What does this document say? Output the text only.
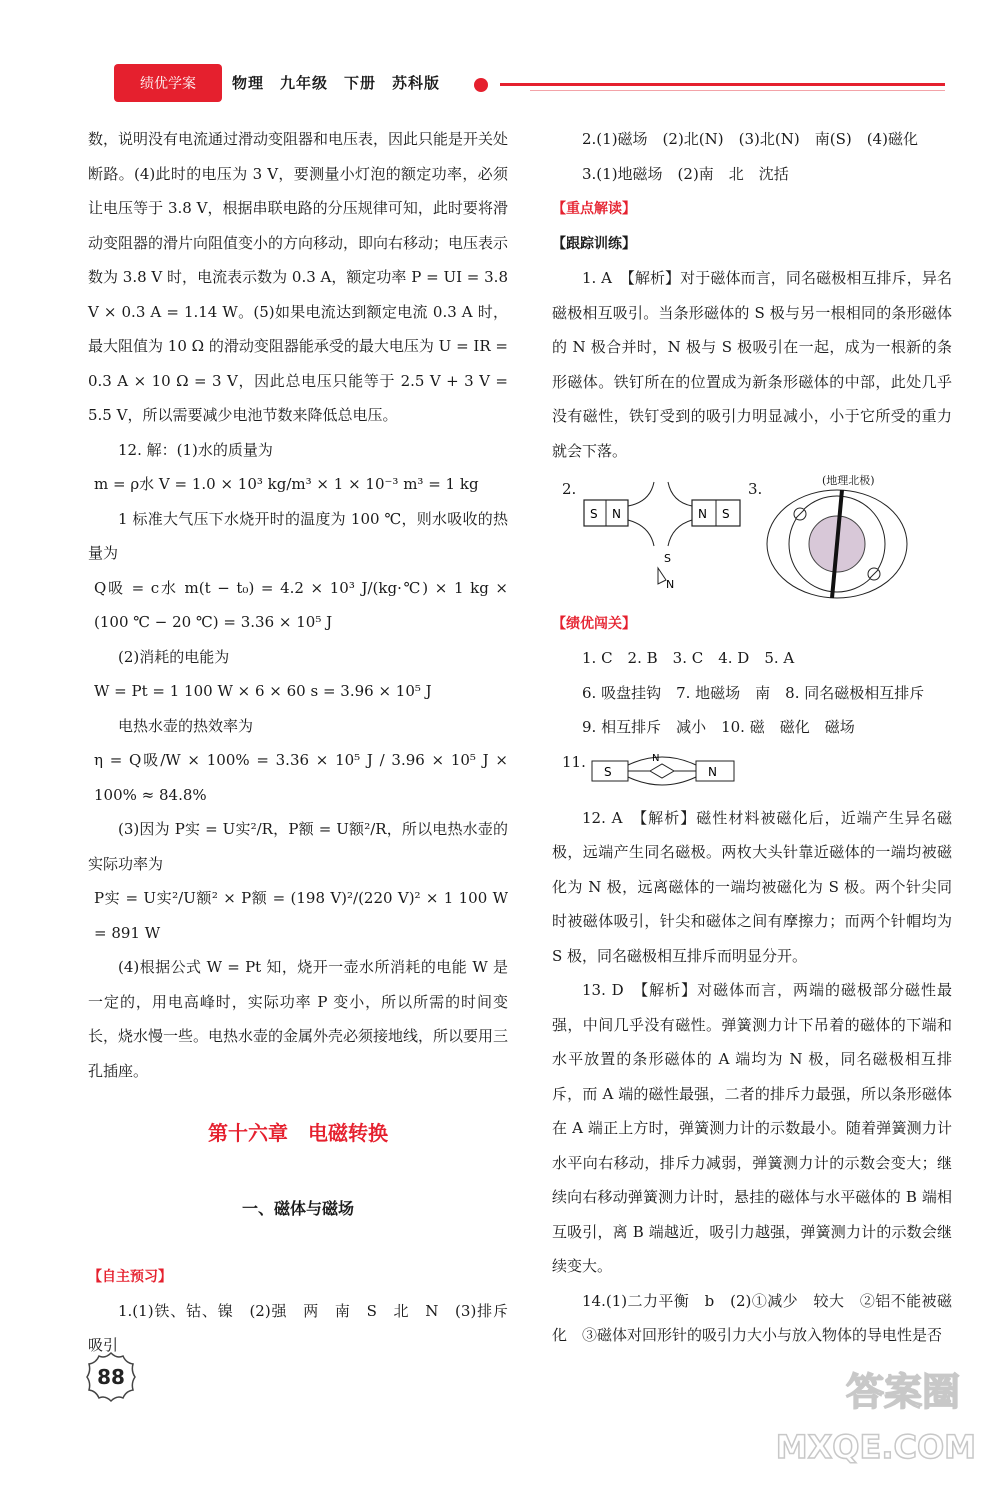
绩优学案	物理　九年级　下册　苏科版

数，说明没有电流通过滑动变阻器和电压表，因此只能是开关处断路。(4)此时的电压为 3 V，要测量小灯泡的额定功率，必须让电压等于 3.8 V，根据串联电路的分压规律可知，此时要将滑动变阻器的滑片向阻值变小的方向移动，即向右移动；电压表示数为 3.8 V 时，电流表示数为 0.3 A，额定功率 P = UI = 3.8 V × 0.3 A = 1.14 W。(5)如果电流达到额定电流 0.3 A 时，最大阻值为 10 Ω 的滑动变阻器能承受的最大电压为 U = IR = 0.3 A × 10 Ω = 3 V，因此总电压只能等于 2.5 V + 3 V = 5.5 V，所以需要减少电池节数来降低总电压。

12. 解：(1)水的质量为

m = ρ水 V = 1.0 × 10³ kg/m³ × 1 × 10⁻³ m³ = 1 kg

1 标准大气压下水烧开时的温度为 100 ℃，则水吸收的热量为

Q吸 = c水 m(t − t₀) = 4.2 × 10³ J/(kg·℃) × 1 kg × (100 ℃ − 20 ℃) = 3.36 × 10⁵ J

(2)消耗的电能为

W = Pt = 1 100 W × 6 × 60 s = 3.96 × 10⁵ J

电热水壶的热效率为

η = Q吸/W × 100% = 3.36 × 10⁵ J / 3.96 × 10⁵ J × 100% ≈ 84.8%

(3)因为 P实 = U实²/R，P额 = U额²/R，所以电热水壶的实际功率为

P实 = U实²/U额² × P额 = (198 V)²/(220 V)² × 1 100 W = 891 W

(4)根据公式 W = Pt 知，烧开一壶水所消耗的电能 W 是一定的，用电高峰时，实际功率 P 变小，所以所需的时间变长，烧水慢一些。电热水壶的金属外壳必须接地线，所以要用三孔插座。

第十六章　电磁转换
一、磁体与磁场
【自主预习】

1.(1)铁、钴、镍　(2)强　两　南　S　北　N　(3)排斥　吸引

2.(1)磁场　(2)北(N)　(3)北(N)　南(S)　(4)磁化

3.(1)地磁场　(2)南　北　沈括

【重点解读】
【跟踪训练】

1. A　【解析】对于磁体而言，同名磁极相互排斥，异名磁极相互吸引。当条形磁体的 S 极与另一根相同的条形磁体的 N 极合并时，N 极与 S 极吸引在一起，成为一根新的条形磁体。铁钉所在的位置成为新条形磁体的中部，此处几乎没有磁性，铁钉受到的吸引力明显减小，小于它所受的重力就会下落。

2.
S N	N S
S
N
3.	(地理北极)
【绩优闯关】

1. C　2. B　3. C　4. D　5. A

6. 吸盘挂钩　7. 地磁场　南　8. 同名磁极相互排斥

9. 相互排斥　减小　10. 磁　磁化　磁场

11.
S	N
N

12. A　【解析】磁性材料被磁化后，近端产生异名磁极，远端产生同名磁极。两枚大头针靠近磁体的一端均被磁化为 N 极，远离磁体的一端均被磁化为 S 极。两个针尖同时被磁体吸引，针尖和磁体之间有摩擦力；而两个针帽均为 S 极，同名磁极相互排斥而明显分开。

13. D　【解析】对磁体而言，两端的磁极部分磁性最强，中间几乎没有磁性。弹簧测力计下吊着的磁体的下端和水平放置的条形磁体的 A 端均为 N 极，同名磁极相互排斥，而 A 端的磁性最强，二者的排斥力最强，所以条形磁体在 A 端正上方时，弹簧测力计的示数最小。随着弹簧测力计水平向右移动，排斥力减弱，弹簧测力计的示数会变大；继续向右移动弹簧测力计时，悬挂的磁体与水平磁体的 B 端相互吸引，离 B 端越近，吸引力越强，弹簧测力计的示数会继续变大。

14.(1)二力平衡　b　(2)①减少　较大　②铝不能被磁化　③磁体对回形针的吸引力大小与放入物体的导电性是否

88	答案圈
MXQE.COM
